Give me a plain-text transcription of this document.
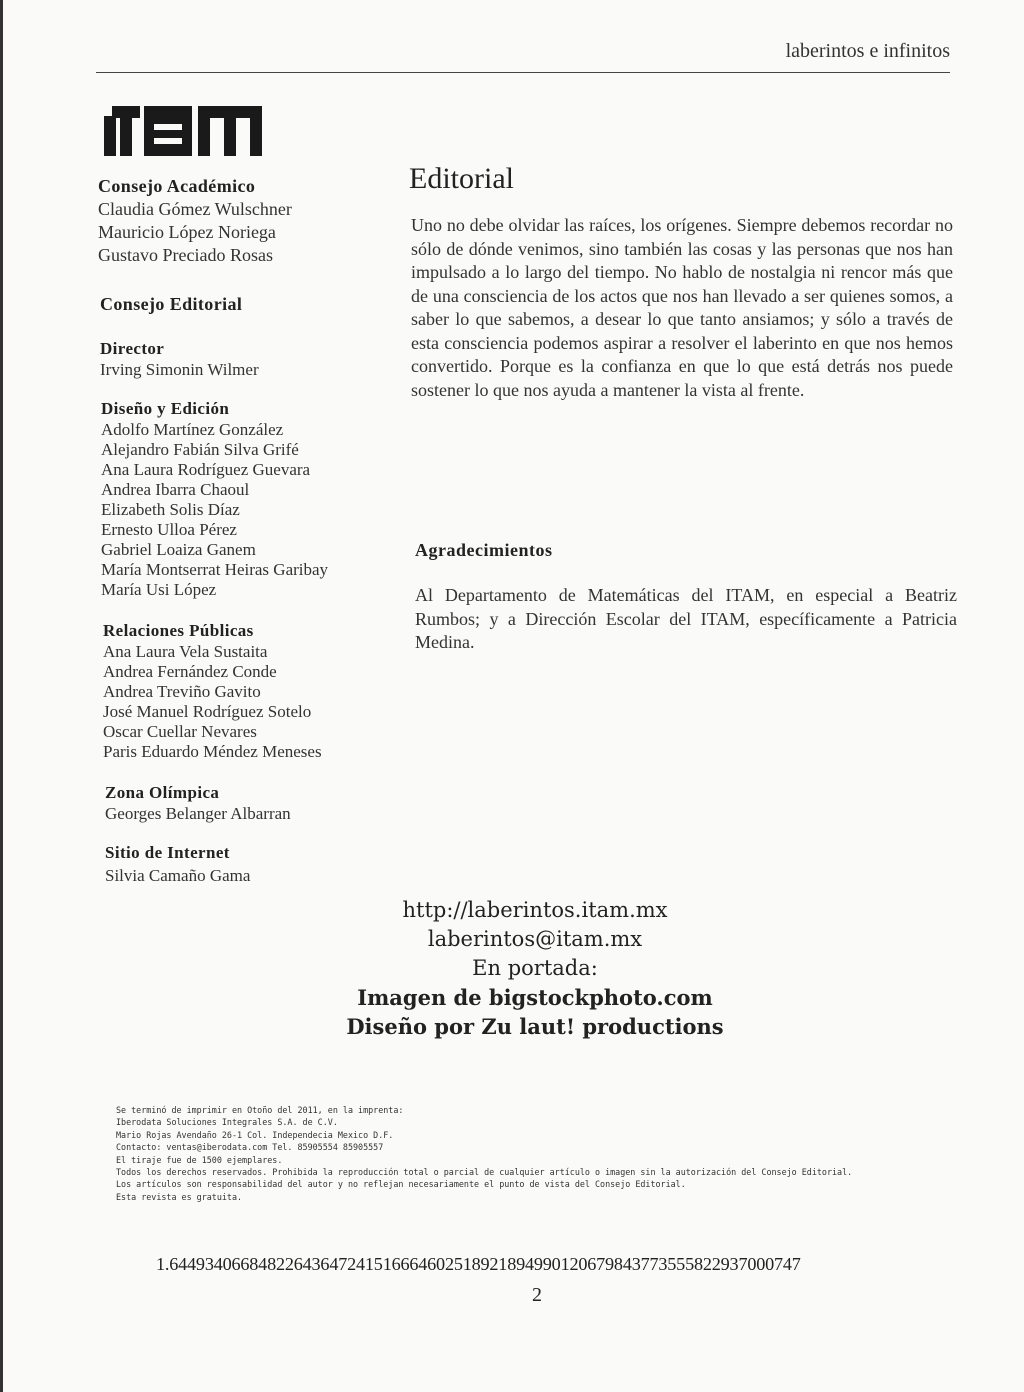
laberintos e infinitos
Consejo Académico
Claudia Gómez Wulschner
Mauricio López Noriega
Gustavo Preciado Rosas
Consejo Editorial
Director
Irving Simonin Wilmer
Diseño y Edición
Adolfo Martínez González
Alejandro Fabián Silva Grifé
Ana Laura Rodríguez Guevara
Andrea Ibarra Chaoul
Elizabeth Solis Díaz
Ernesto Ulloa Pérez
Gabriel Loaiza Ganem
María Montserrat Heiras Garibay
María Usi López
Relaciones Públicas
Ana Laura Vela Sustaita
Andrea Fernández Conde
Andrea Treviño Gavito
José Manuel Rodríguez Sotelo
Oscar Cuellar Nevares
Paris Eduardo Méndez Meneses
Zona Olímpica
Georges Belanger Albarran
Sitio de Internet
Silvia Camaño Gama
Editorial

Uno no debe olvidar las raíces, los orígenes. Siempre debemos recordar no sólo de dónde venimos, sino también las cosas y las personas que nos han impulsado a lo largo del tiempo. No hablo de nostalgia ni rencor más que de una consciencia de los actos que nos han llevado a ser quienes somos, a saber lo que sabemos, a desear lo que tanto ansiamos; y sólo a través de esta consciencia podemos aspirar a resolver el laberinto en que nos hemos convertido. Porque es la confianza en que lo que está detrás nos puede sostener lo que nos ayuda a mantener la vista al frente.

Agradecimientos

Al Departamento de Matemáticas del ITAM, en especial a Beatriz Rumbos; y a Dirección Escolar del ITAM, específicamente a Patricia Medina.

http://laberintos.itam.mx
laberintos@itam.mx
En portada:
Imagen de bigstockphoto.com
Diseño por Zu laut! productions
Se terminó de imprimir en Otoño del 2011, en la imprenta:
Iberodata Soluciones Integrales S.A. de C.V.
Mario Rojas Avendaño 26-1 Col. Independecia Mexico D.F.
Contacto: ventas@iberodata.com Tel. 85905554 85905557
El tiraje fue de 1500 ejemplares.
Todos los derechos reservados. Prohibida la reproducción total o parcial de cualquier artículo o imagen sin la autorización del Consejo Editorial.
Los artículos son responsabilidad del autor y no reflejan necesariamente el punto de vista del Consejo Editorial.
Esta revista es gratuita.
1.6449340668482264364724151666460251892189499012067984377355582293700074​7
2
